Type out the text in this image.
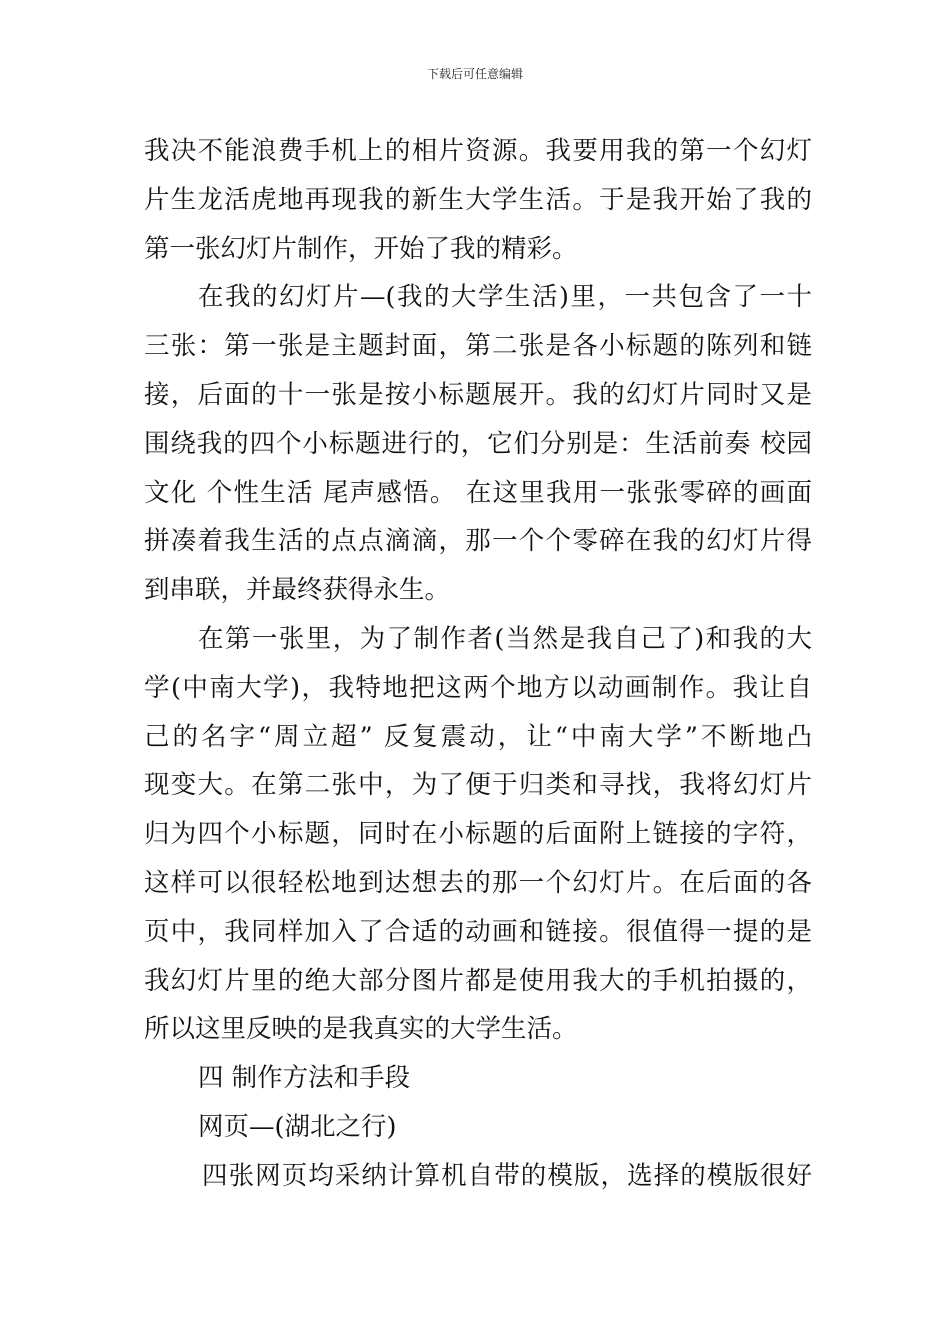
下载后可任意编辑

我决不能浪费手机上的相片资源。我要用我的第一个幻灯
片生龙活虎地再现我的新生大学生活。于是我开始了我的
第一张幻灯片制作，开始了我的精彩。

在我的幻灯片—(我的大学生活)里，一共包含了一十
三张：第一张是主题封面，第二张是各小标题的陈列和链
接，后面的十一张是按小标题展开。我的幻灯片同时又是
围绕我的四个小标题进行的，它们分别是：生活前奏 校园
文化 个性生活 尾声感悟。 在这里我用一张张零碎的画面
拼凑着我生活的点点滴滴，那一个个零碎在我的幻灯片得
到串联，并最终获得永生。

在第一张里，为了制作者(当然是我自己了)和我的大
学(中南大学)，我特地把这两个地方以动画制作。我让自
己的名字“周立超” 反复震动，让“中南大学”不断地凸
现变大。在第二张中，为了便于归类和寻找，我将幻灯片
归为四个小标题，同时在小标题的后面附上链接的字符，
这样可以很轻松地到达想去的那一个幻灯片。在后面的各
页中，我同样加入了合适的动画和链接。很值得一提的是
我幻灯片里的绝大部分图片都是使用我大的手机拍摄的，
所以这里反映的是我真实的大学生活。

四 制作方法和手段

网页—(湖北之行)

四张网页均采纳计算机自带的模版，选择的模版很好
